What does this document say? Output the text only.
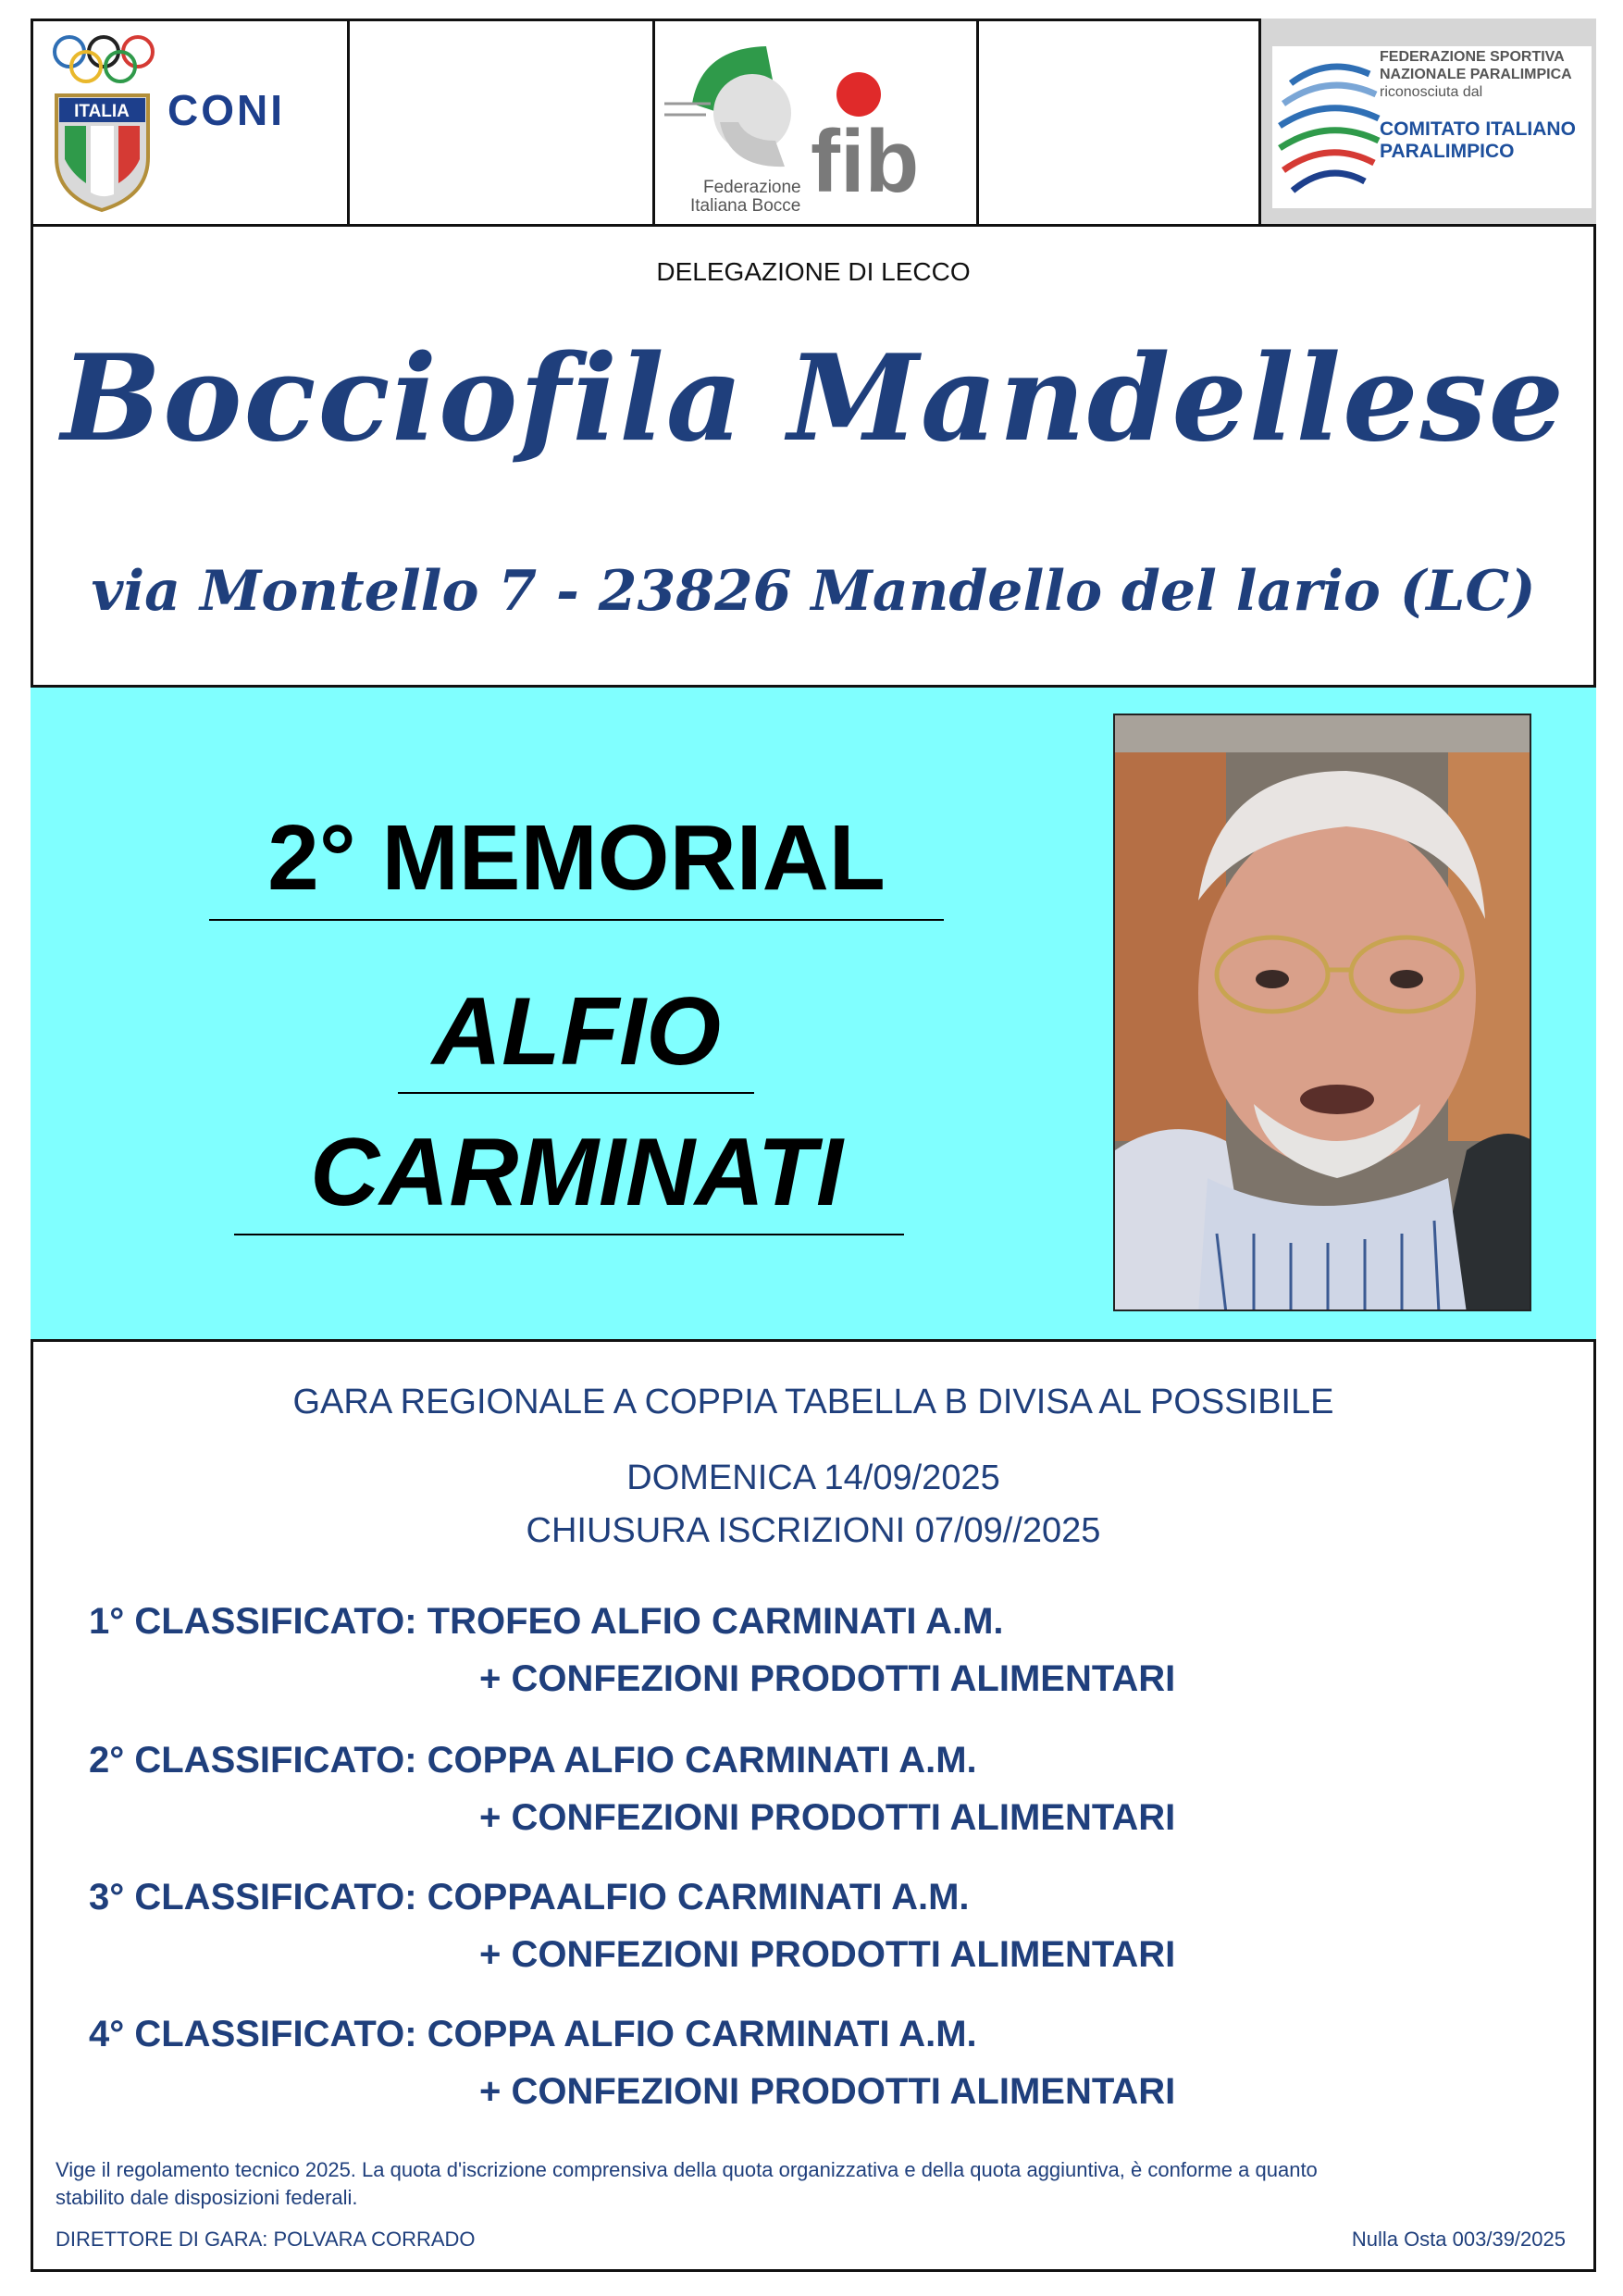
ITALIA CONI
Federazione
Italiana Bocce fib
FEDERAZIONE SPORTIVA
NAZIONALE PARALIMPICA
riconosciuta dal
COMITATO ITALIANO
PARALIMPICO
DELEGAZIONE DI LECCO
Bocciofila Mandellese
via Montello 7 - 23826 Mandello del lario (LC)
2° MEMORIAL
ALFIO
CARMINATI
GARA REGIONALE A COPPIA TABELLA B DIVISA AL POSSIBILE
DOMENICA 14/09/2025
CHIUSURA ISCRIZIONI 07/09//2025
1° CLASSIFICATO: TROFEO ALFIO CARMINATI A.M.
+ CONFEZIONI PRODOTTI ALIMENTARI
2° CLASSIFICATO: COPPA ALFIO CARMINATI A.M.
+ CONFEZIONI PRODOTTI ALIMENTARI
3° CLASSIFICATO: COPPAALFIO CARMINATI A.M.
+ CONFEZIONI PRODOTTI ALIMENTARI
4° CLASSIFICATO: COPPA ALFIO CARMINATI A.M.
+ CONFEZIONI PRODOTTI ALIMENTARI
Vige il regolamento tecnico 2025. La quota d'iscrizione comprensiva della quota organizzativa e della quota aggiuntiva, è conforme a quanto stabilito dale disposizioni federali.
DIRETTORE DI GARA: POLVARA CORRADO	Nulla Osta 003/39/2025
